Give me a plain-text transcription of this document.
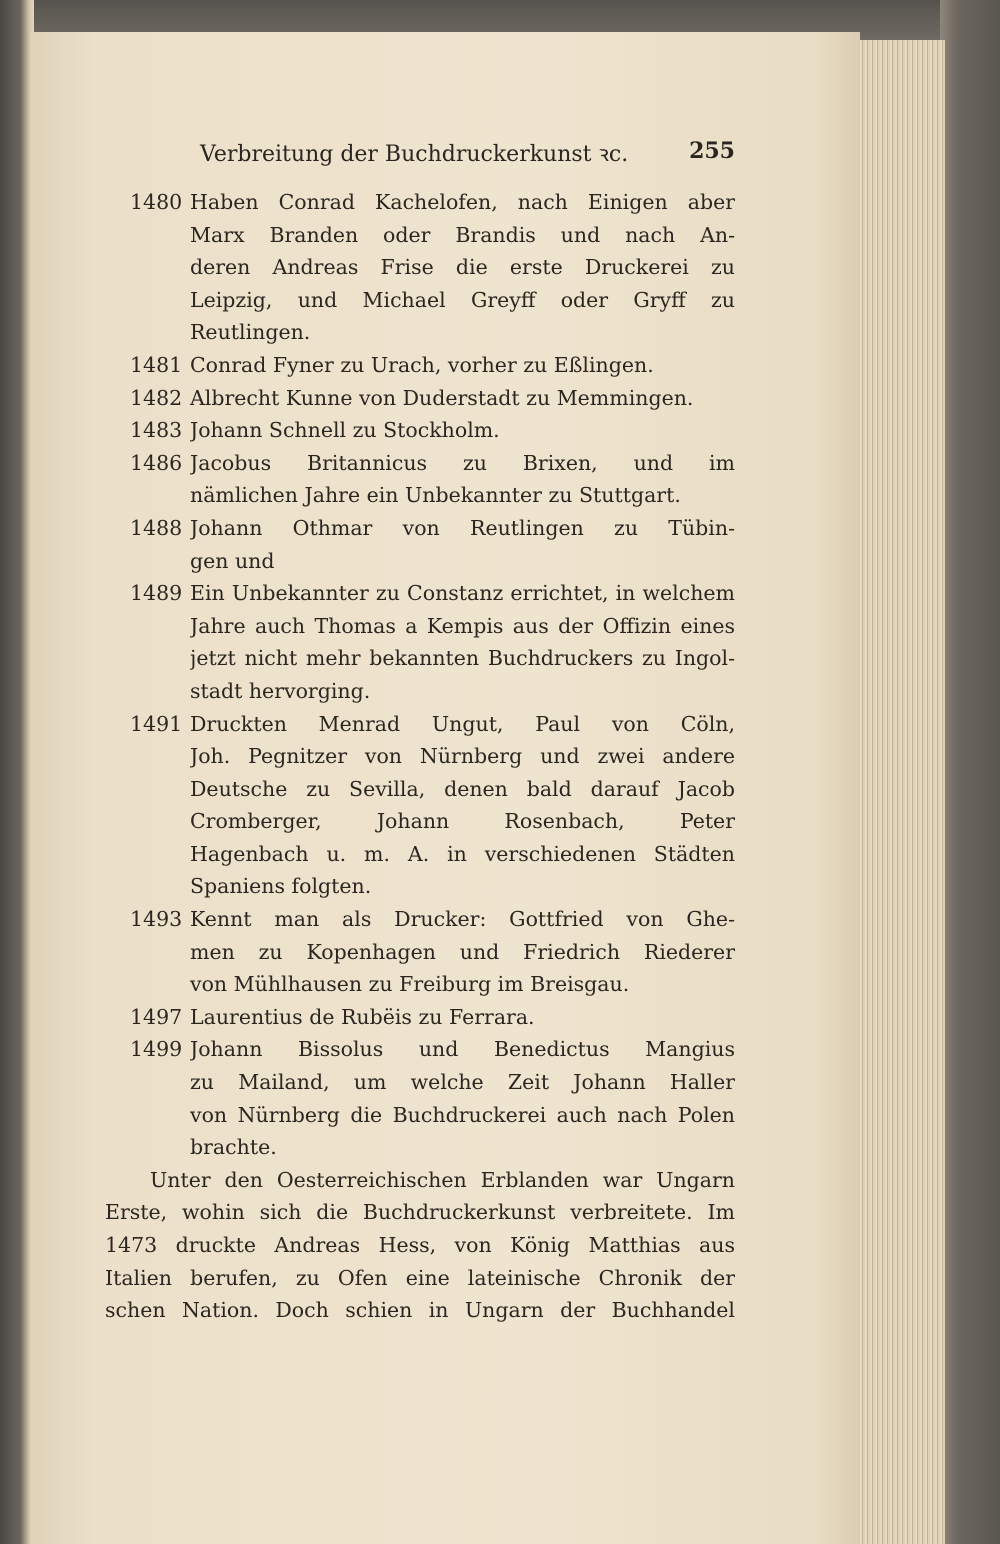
Verbreitung der Buchdruckerkunst ꝛc.	255
1480 Haben Conrad Kachelofen, nach Einigen aber
Marx Branden oder Brandis und nach An-
deren Andreas Frise die erste Druckerei zu
Leipzig, und Michael Greyff oder Gryff zu
Reutlingen.
1481 Conrad Fyner zu Urach, vorher zu Eßlingen.
1482 Albrecht Kunne von Duderstadt zu Memmingen.
1483 Johann Schnell zu Stockholm.
1486 Jacobus Britannicus zu Brixen, und im
nämlichen Jahre ein Unbekannter zu Stuttgart.
1488 Johann Othmar von Reutlingen zu Tübin-
gen und
1489 Ein Unbekannter zu Constanz errichtet, in welchem
Jahre auch Thomas a Kempis aus der Offizin eines
jetzt nicht mehr bekannten Buchdruckers zu Ingol-
stadt hervorging.
1491 Druckten Menrad Ungut, Paul von Cöln,
Joh. Pegnitzer von Nürnberg und zwei andere
Deutsche zu Sevilla, denen bald darauf Jacob
Cromberger, Johann Rosenbach, Peter
Hagenbach u. m. A. in verschiedenen Städten
Spaniens folgten.
1493 Kennt man als Drucker: Gottfried von Ghe-
men zu Kopenhagen und Friedrich Riederer
von Mühlhausen zu Freiburg im Breisgau.
1497 Laurentius de Rubëis zu Ferrara.
1499 Johann Bissolus und Benedictus Mangius
zu Mailand, um welche Zeit Johann Haller
von Nürnberg die Buchdruckerei auch nach Polen
brachte.
Unter den Oesterreichischen Erblanden war Ungarn
Erste, wohin sich die Buchdruckerkunst verbreitete. Im
1473 druckte Andreas Hess, von König Matthias aus
Italien berufen, zu Ofen eine lateinische Chronik der
schen Nation. Doch schien in Ungarn der Buchhandel
